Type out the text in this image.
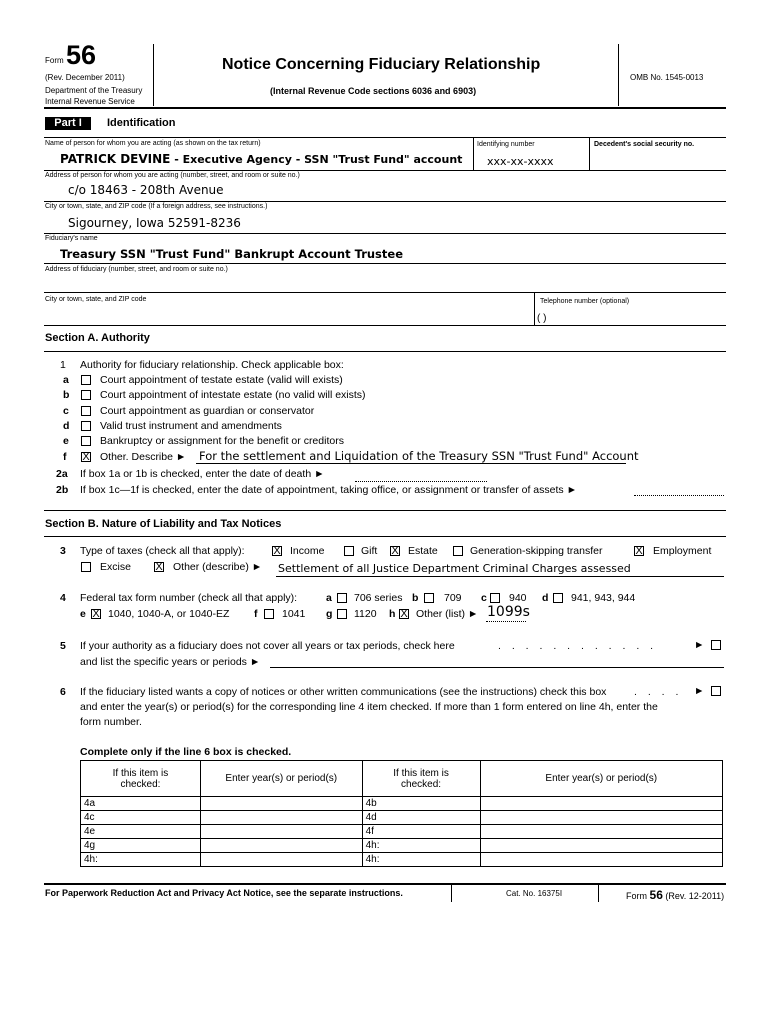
Form 56
(Rev. December 2011)
Department of the Treasury
Internal Revenue Service
Notice Concerning Fiduciary Relationship
(Internal Revenue Code sections 6036 and 6903)
OMB No. 1545-0013
Part I	Identification
Name of person for whom you are acting (as shown on the tax return)
PATRICK DEVINE - Executive Agency - SSN "Trust Fund" account
Identifying number
xxx-xx-xxxx
Decedent's social security no.
Address of person for whom you are acting (number, street, and room or suite no.)
c/o 18463 - 208th Avenue
City or town, state, and ZIP code (If a foreign address, see instructions.)
Sigourney, Iowa 52591-8236
Fiduciary's name
Treasury SSN "Trust Fund" Bankrupt Account Trustee
Address of fiduciary (number, street, and room or suite no.)
City or town, state, and ZIP code	Telephone number (optional)
( )
Section A. Authority
1 Authority for fiduciary relationship. Check applicable box:
a	Court appointment of testate estate (valid will exists)
b	Court appointment of intestate estate (no valid will exists)
c	Court appointment as guardian or conservator
d	Valid trust instrument and amendments
e	Bankruptcy or assignment for the benefit or creditors
f X Other. Describe ► For the settlement and Liquidation of the Treasury SSN "Trust Fund" Account
2a If box 1a or 1b is checked, enter the date of death ►
2b If box 1c—1f is checked, enter the date of appointment, taking office, or assignment or transfer of assets ►
Section B. Nature of Liability and Tax Notices
3 Type of taxes (check all that apply):	X Income	Gift X Estate	Generation-skipping transfer	X Employment
Excise X Other (describe) ► Settlement of all Justice Department Criminal Charges assessed
4 Federal tax form number (check all that apply):	a 706 series b 709 c 940 d 941, 943, 944
e X 1040, 1040-A, or 1040-EZ f 1041 g 1120 h X Other (list) ► 1099s
5 If your authority as a fiduciary does not cover all years or tax periods, check here	. . . . . . . . . . . .	►
and list the specific years or periods ►
6 If the fiduciary listed wants a copy of notices or other written communications (see the instructions) check this box	. . . . ►
and enter the year(s) or period(s) for the corresponding line 4 item checked. If more than 1 form entered on line 4h, enter the
form number.
Complete only if the line 6 box is checked.
If this item is checked:	Enter year(s) or period(s)	If this item is checked:	Enter year(s) or period(s)
4a		4b	
4c		4d	
4e		4f	
4g		4h:	
4h:		4h:	
For Paperwork Reduction Act and Privacy Act Notice, see the separate instructions.	Cat. No. 16375I	Form 56 (Rev. 12-2011)
